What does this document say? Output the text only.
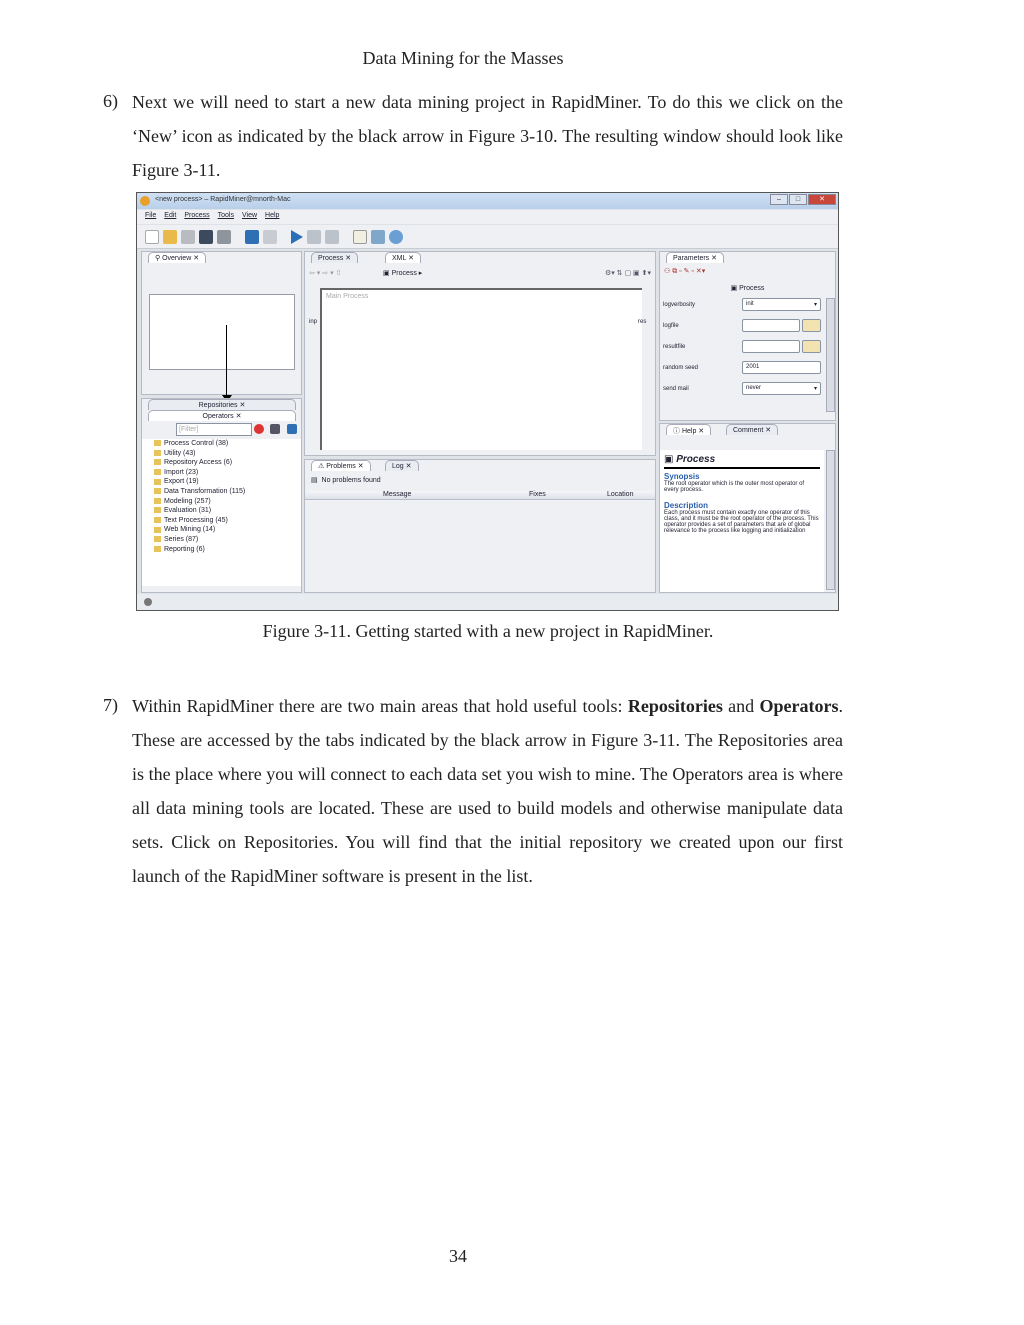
Data Mining for the Masses
6) Next we will need to start a new data mining project in RapidMiner. To do this we click on the ‘New’ icon as indicated by the black arrow in Figure 3-10. The resulting window should look like Figure 3-11.
<new process> – RapidMiner@mnorth-Mac	–	□	✕
File Edit Process Tools View Help
⚲ Overview ✕
Repositories ✕
Operators ✕
[Filter]
Process Control (38)
Utility (43)
Repository Access (6)
Import (23)
Export (19)
Data Transformation (115)
Modeling (257)
Evaluation (31)
Text Processing (45)
Web Mining (14)
Series (87)
Reporting (6)
Process ✕	XML ✕
⇦ ▾ ⇨ ▾ ⇧	▣ Process ▸	⚙▾ ⇅ ▢ ▣ ⬆▾
Main Process
inp	res
⚠ Problems ✕	Log ✕
▤  No problems found
Message	Fixes	Location
Parameters ✕
⚇ ⧉ ▫ ✎ ▫ ✕▾
▣ Process
logverbosity	init	▾
logfile
resultfile
random seed	2001
send mail	never	▾
ⓘ Help ✕	Comment ✕
▣ Process
Synopsis
The root operator which is the outer most operator of every process.
Description
Each process must contain exactly one operator of this class, and it must be the root operator of the process. This operator provides a set of parameters that are of global relevance to the process like logging and initialization
Figure 3-11. Getting started with a new project in RapidMiner.
7) Within RapidMiner there are two main areas that hold useful tools: Repositories and Operators. These are accessed by the tabs indicated by the black arrow in Figure 3-11. The Repositories area is the place where you will connect to each data set you wish to mine. The Operators area is where all data mining tools are located. These are used to build models and otherwise manipulate data sets. Click on Repositories. You will find that the initial repository we created upon our first launch of the RapidMiner software is present in the list.
34
